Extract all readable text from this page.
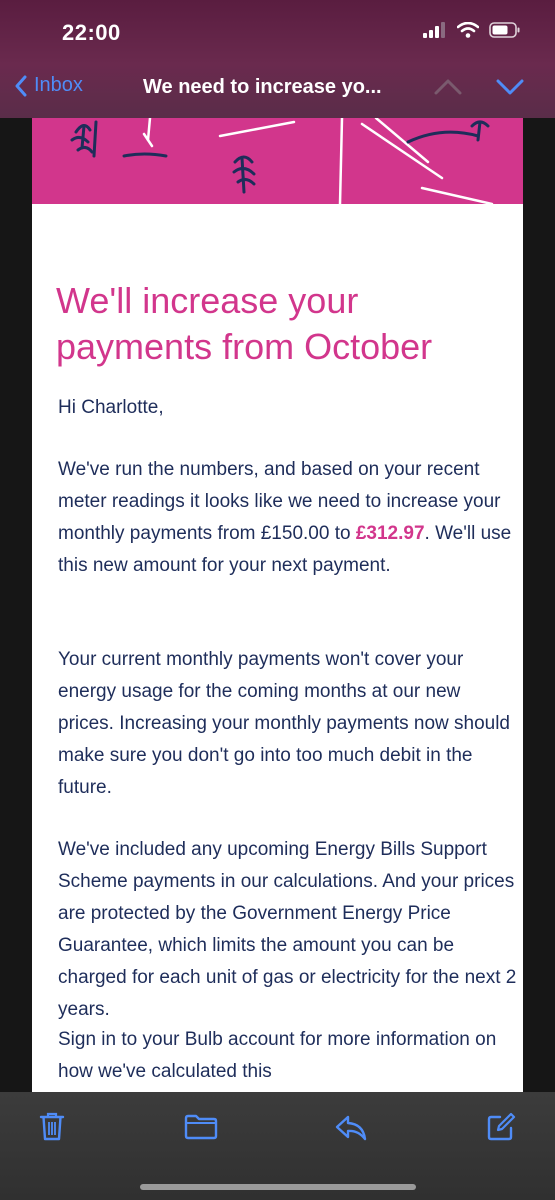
22:00
Inbox	We need to increase yo...
We'll increase your payments from October

Hi Charlotte,

We've run the numbers, and based on your recent meter readings it looks like we need to increase your monthly payments from £150.00 to £312.97. We'll use this new amount for your next payment.

Your current monthly payments won't cover your energy usage for the coming months at our new prices. Increasing your monthly payments now should make sure you don't go into too much debit in the future.

We've included any upcoming Energy Bills Support Scheme payments in our calculations. And your prices are protected by the Government Energy Price Guarantee, which limits the amount you can be charged for each unit of gas or electricity for the next 2 years.

Sign in to your Bulb account for more information on how we've calculated this
